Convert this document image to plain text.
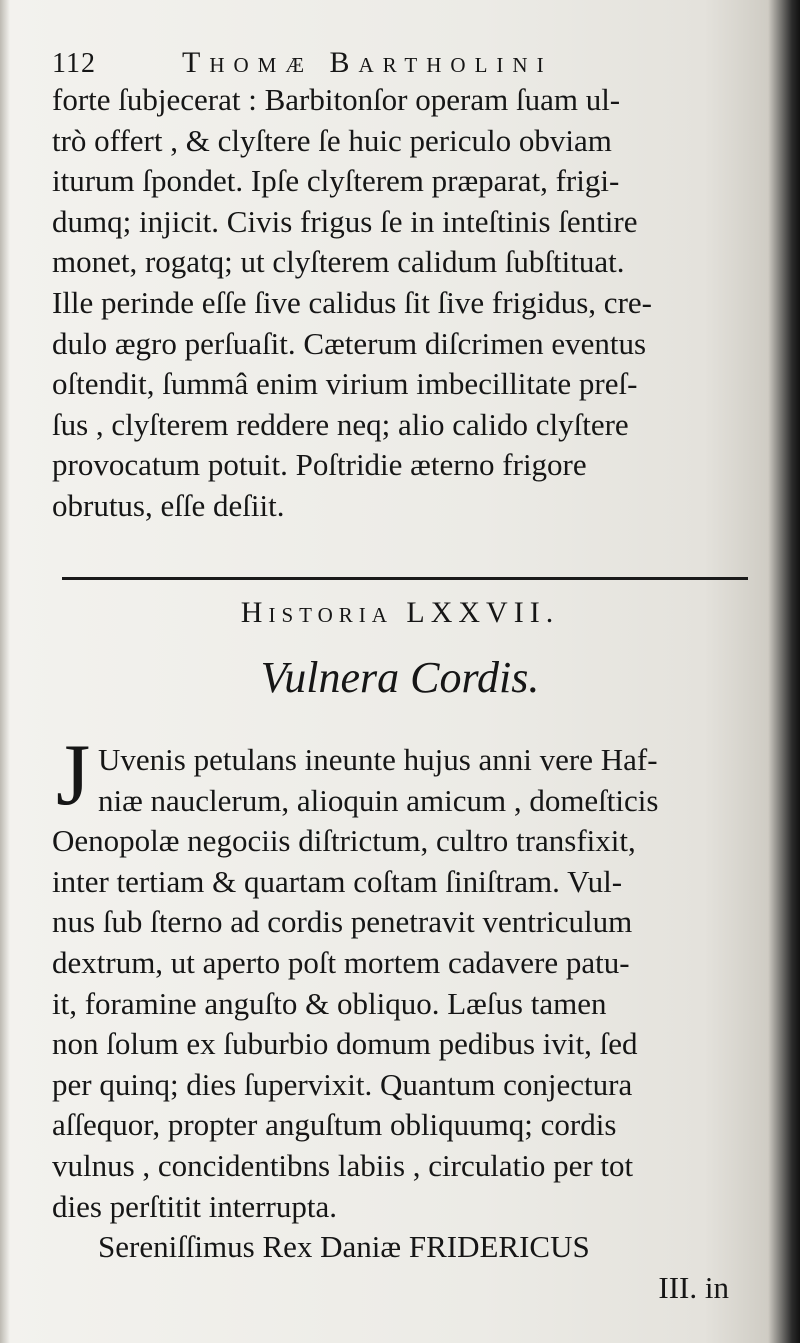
112	Thomæ Bartholini
forte ſubjecerat : Barbitonſor operam ſuam ul-
trò offert , & clyſtere ſe huic periculo obviam
iturum ſpondet. Ipſe clyſterem præparat, frigi-
dumq; injicit. Civis frigus ſe in inteſtinis ſentire
monet, rogatq; ut clyſterem calidum ſubſtituat.
Ille perinde eſſe ſive calidus ſit ſive frigidus, cre-
dulo ægro perſuaſit. Cæterum diſcrimen eventus
oſtendit, ſummâ enim virium imbecillitate preſ-
ſus , clyſterem reddere neq; alio calido clyſtere
provocatum potuit. Poſtridie æterno frigore
obrutus, eſſe deſiit.
Historia LXXVII.
Vulnera Cordis.
J Uvenis petulans ineunte hujus anni vere Haf-
niæ nauclerum, alioquin amicum , domeſticis
Oenopolæ negociis diſtrictum, cultro transfixit,
inter tertiam & quartam coſtam ſiniſtram. Vul-
nus ſub ſterno ad cordis penetravit ventriculum
dextrum, ut aperto poſt mortem cadavere patu-
it, foramine anguſto & obliquo. Læſus tamen
non ſolum ex ſuburbio domum pedibus ivit, ſed
per quinq; dies ſupervixit. Quantum conjectura
aſſequor, propter anguſtum obliquumq; cordis
vulnus , concidentibns labiis , circulatio per tot
dies perſtitit interrupta.
Sereniſſimus Rex Daniæ FRIDERICUS
III. in
